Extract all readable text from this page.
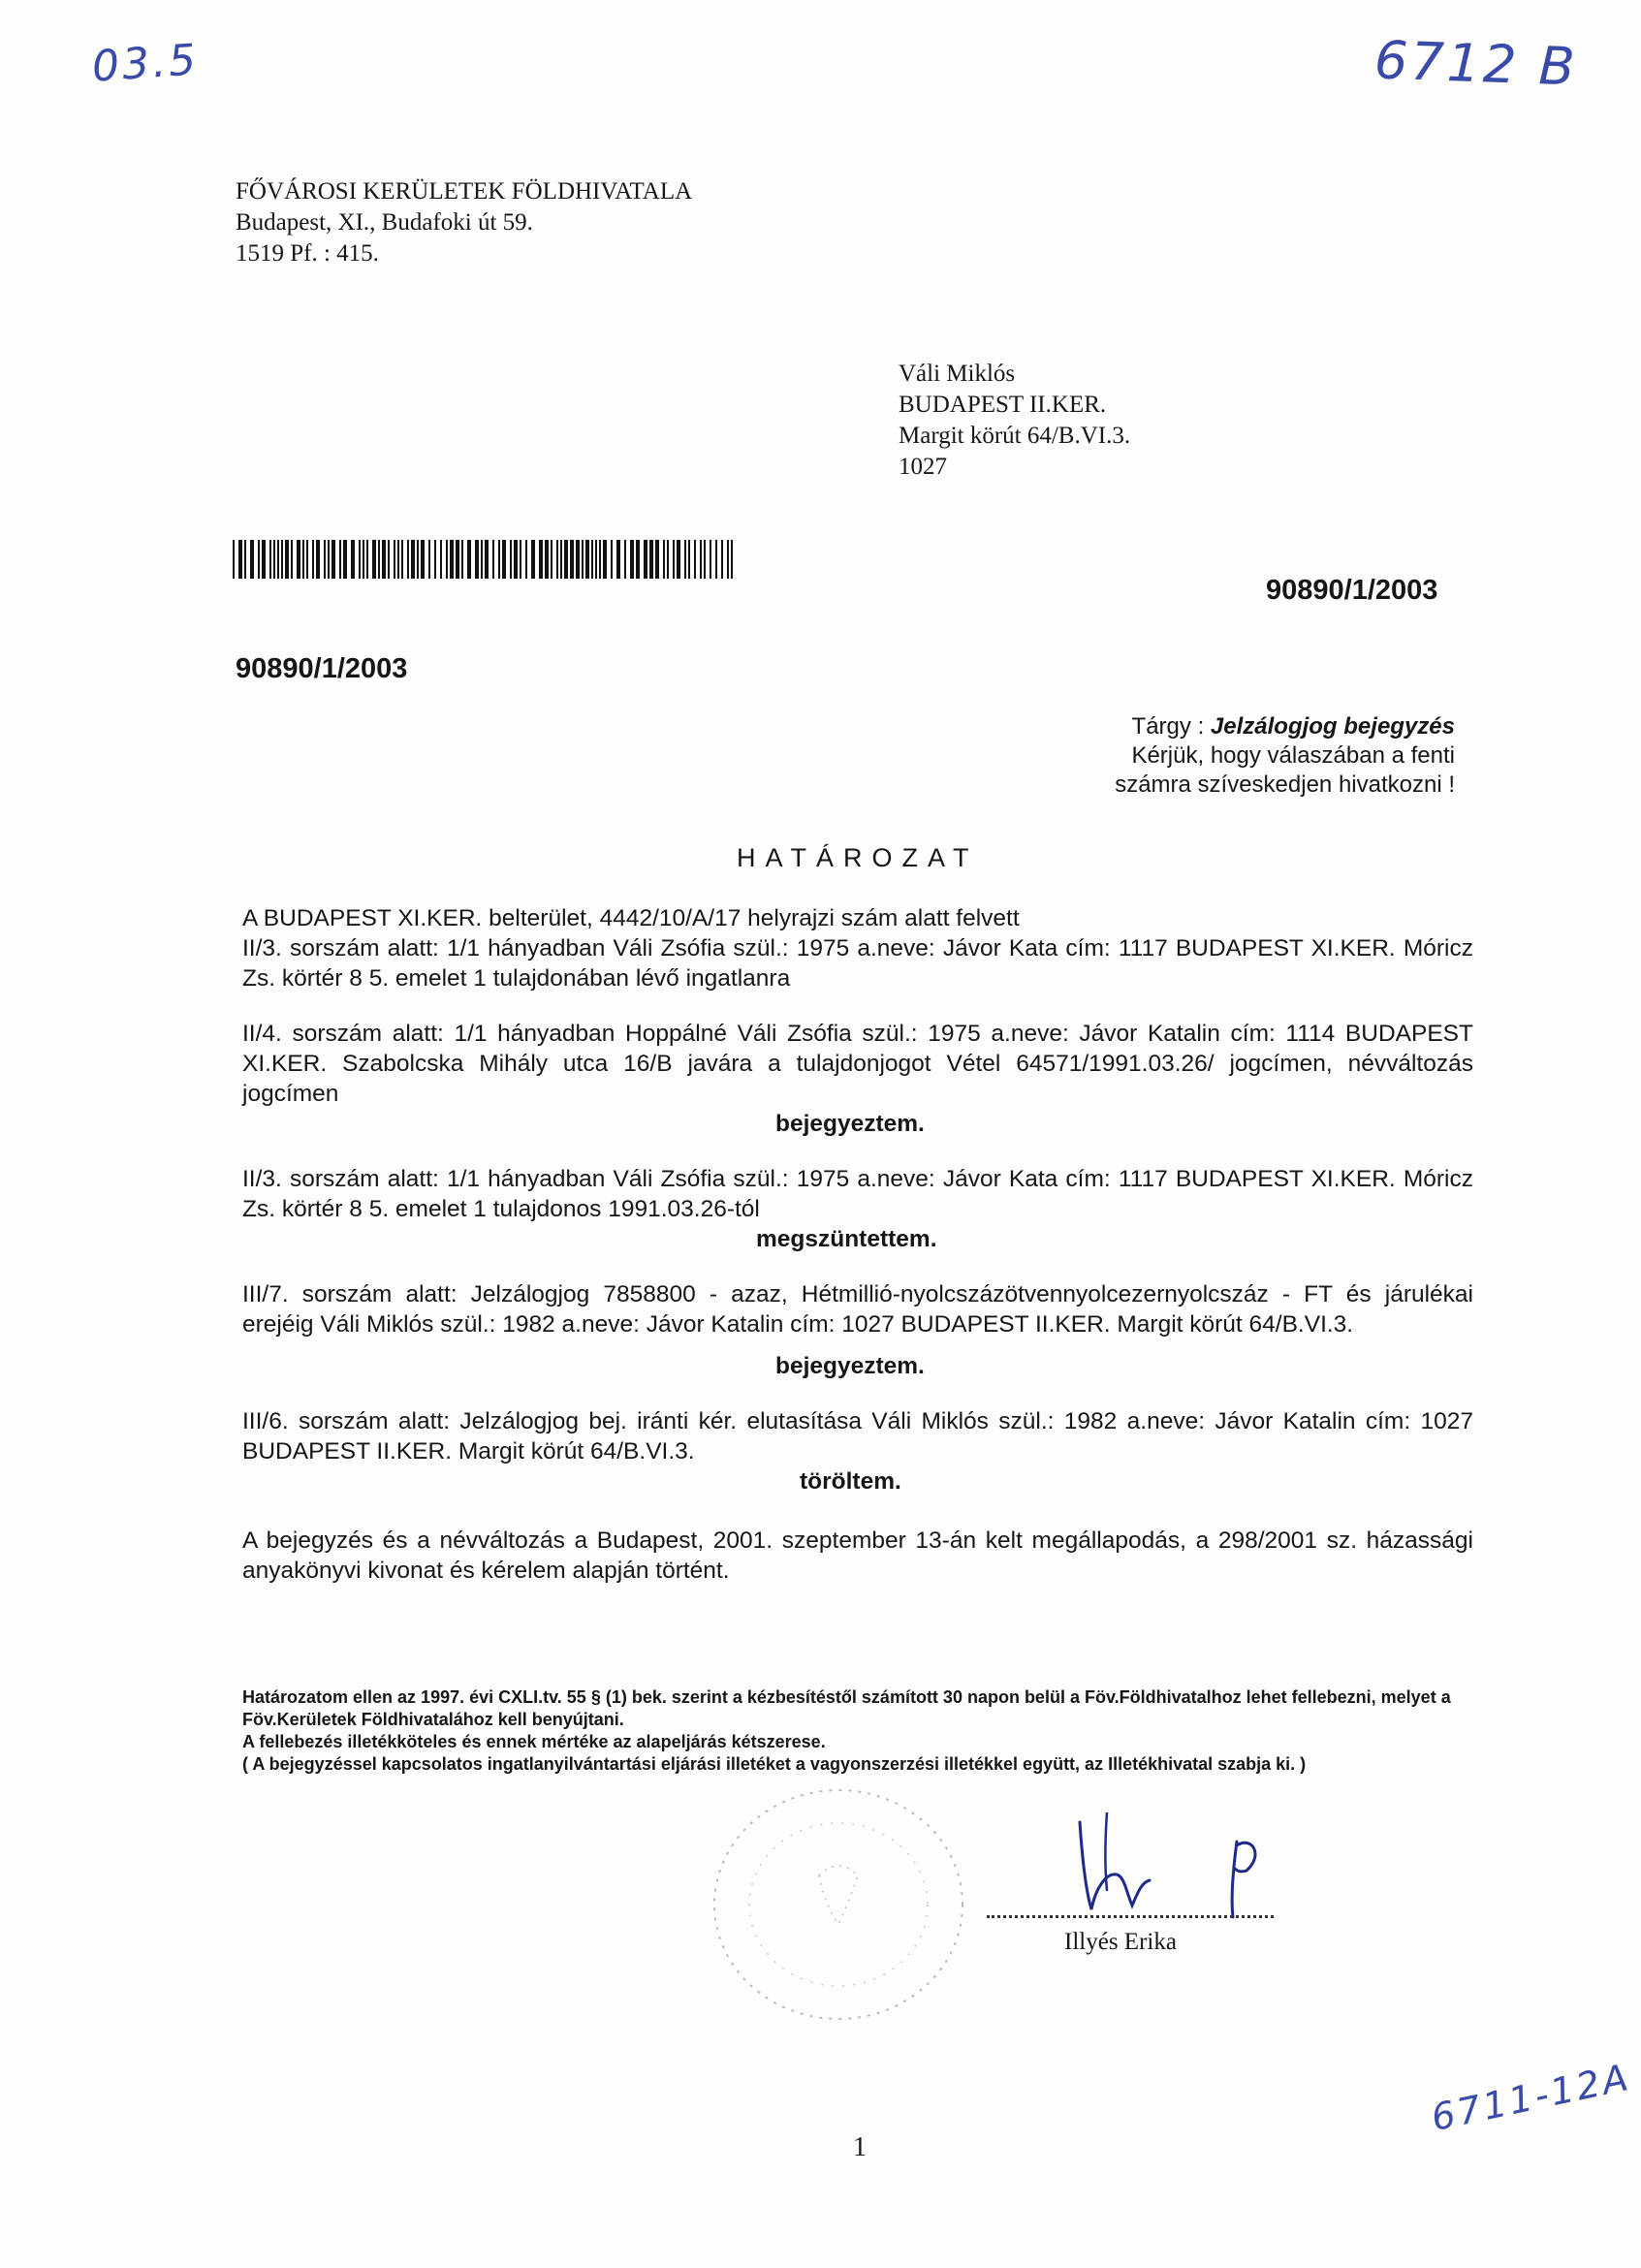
03.5	6712 B
6711-12A
FŐVÁROSI KERÜLETEK FÖLDHIVATALA
Budapest, XI., Budafoki út 59.
1519 Pf. : 415.
Váli Miklós
BUDAPEST II.KER.
Margit körút 64/B.VI.3.
1027
90890/1/2003
90890/1/2003
Tárgy : Jelzálogjog bejegyzés
Kérjük, hogy válaszában a fenti
számra szíveskedjen hivatkozni !
HATÁROZAT

A BUDAPEST XI.KER. belterület, 4442/10/A/17 helyrajzi szám alatt felvett

II/3. sorszám alatt: 1/1 hányadban Váli Zsófia szül.: 1975 a.neve: Jávor Kata cím: 1117 BUDAPEST XI.KER. Móricz Zs. körtér 8 5. emelet 1 tulajdonában lévő ingatlanra

II/4. sorszám alatt: 1/1 hányadban Hoppálné Váli Zsófia szül.: 1975 a.neve: Jávor Katalin cím: 1114 BUDAPEST XI.KER. Szabolcska Mihály utca 16/B javára a tulajdonjogot Vétel 64571/1991.03.26/ jogcímen, névváltozás jogcímen

bejegyeztem.

II/3. sorszám alatt: 1/1 hányadban Váli Zsófia szül.: 1975 a.neve: Jávor Kata cím: 1117 BUDAPEST XI.KER. Móricz Zs. körtér 8 5. emelet 1 tulajdonos 1991.03.26-tól

megszüntettem.

III/7. sorszám alatt: Jelzálogjog 7858800 - azaz, Hétmillió-nyolcszázötvennyolcezernyolcszáz - FT és járulékai erejéig Váli Miklós szül.: 1982 a.neve: Jávor Katalin cím: 1027 BUDAPEST II.KER. Margit körút 64/B.VI.3.

bejegyeztem.

III/6. sorszám alatt: Jelzálogjog bej. iránti kér. elutasítása Váli Miklós szül.: 1982 a.neve: Jávor Katalin cím: 1027 BUDAPEST II.KER. Margit körút 64/B.VI.3.

töröltem.

A bejegyzés és a névváltozás a Budapest, 2001. szeptember 13-án kelt megállapodás, a 298/2001 sz. házassági anyakönyvi kivonat és kérelem alapján történt.

Határozatom ellen az 1997. évi CXLI.tv. 55 § (1) bek. szerint a kézbesítéstől számított 30 napon belül a Föv.Földhivatalhoz lehet fellebezni, melyet a Föv.Kerületek Földhivatalához kell benyújtani.

A fellebezés illetékköteles és ennek mértéke az alapeljárás kétszerese.

( A bejegyzéssel kapcsolatos ingatlanyilvántartási eljárási illetéket a vagyonszerzési illetékkel együtt, az Illetékhivatal szabja ki. )

Illyés Erika
1
